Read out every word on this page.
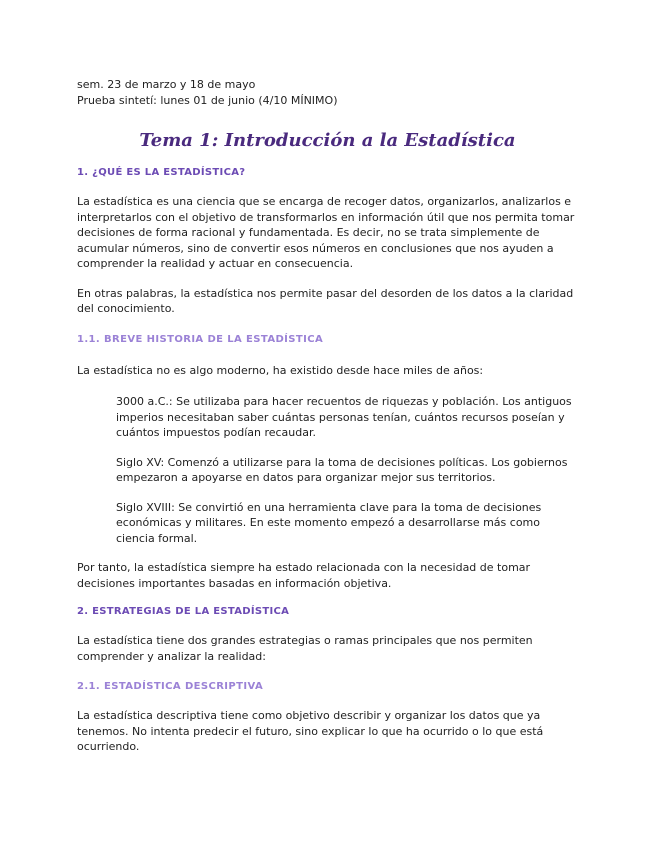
sem. 23 de marzo y 18 de mayo

Prueba sintetí: lunes 01 de junio (4/10 MÍNIMO)

Tema 1: Introducción a la Estadística

1. ¿QUÉ ES LA ESTADÍSTICA?

La estadística es una ciencia que se encarga de recoger datos, organizarlos, analizarlos e interpretarlos con el objetivo de transformarlos en información útil que nos permita tomar decisiones de forma racional y fundamentada. Es decir, no se trata simplemente de acumular números, sino de convertir esos números en conclusiones que nos ayuden a comprender la realidad y actuar en consecuencia.

En otras palabras, la estadística nos permite pasar del desorden de los datos a la claridad del conocimiento.

1.1. BREVE HISTORIA DE LA ESTADÍSTICA

La estadística no es algo moderno, ha existido desde hace miles de años:

3000 a.C.: Se utilizaba para hacer recuentos de riquezas y población. Los antiguos imperios necesitaban saber cuántas personas tenían, cuántos recursos poseían y cuántos impuestos podían recaudar.

Siglo XV: Comenzó a utilizarse para la toma de decisiones políticas. Los gobiernos empezaron a apoyarse en datos para organizar mejor sus territorios.

Siglo XVIII: Se convirtió en una herramienta clave para la toma de decisiones económicas y militares. En este momento empezó a desarrollarse más como ciencia formal.

Por tanto, la estadística siempre ha estado relacionada con la necesidad de tomar decisiones importantes basadas en información objetiva.

2. ESTRATEGIAS DE LA ESTADÍSTICA

La estadística tiene dos grandes estrategias o ramas principales que nos permiten comprender y analizar la realidad:

2.1. ESTADÍSTICA DESCRIPTIVA

La estadística descriptiva tiene como objetivo describir y organizar los datos que ya tenemos. No intenta predecir el futuro, sino explicar lo que ha ocurrido o lo que está ocurriendo.
